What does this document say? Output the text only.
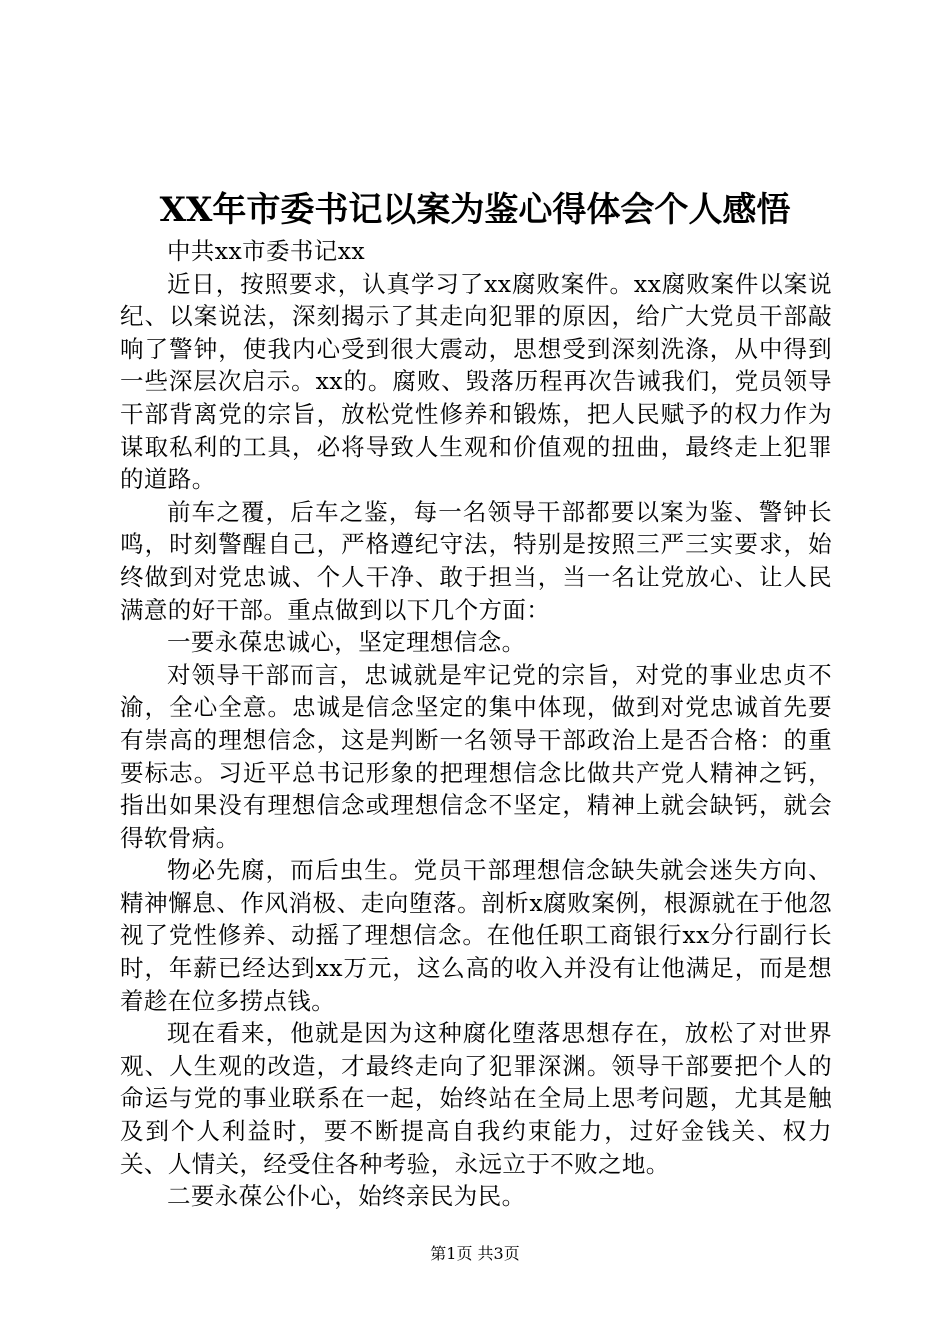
XX年市委书记以案为鉴心得体会个人感悟

中共xx市委书记xx

近日，按照要求，认真学习了xx腐败案件。xx腐败案件以案说纪、以案说法，深刻揭示了其走向犯罪的原因，给广大党员干部敲响了警钟，使我内心受到很大震动，思想受到深刻洗涤，从中得到一些深层次启示。xx的。腐败、毁落历程再次告诫我们，党员领导干部背离党的宗旨，放松党性修养和锻炼，把人民赋予的权力作为谋取私利的工具，必将导致人生观和价值观的扭曲，最终走上犯罪的道路。

前车之覆，后车之鉴，每一名领导干部都要以案为鉴、警钟长鸣，时刻警醒自己，严格遵纪守法，特别是按照三严三实要求，始终做到对党忠诚、个人干净、敢于担当，当一名让党放心、让人民满意的好干部。重点做到以下几个方面：

一要永葆忠诚心，坚定理想信念。

对领导干部而言，忠诚就是牢记党的宗旨，对党的事业忠贞不渝，全心全意。忠诚是信念坚定的集中体现，做到对党忠诚首先要有崇高的理想信念，这是判断一名领导干部政治上是否合格：的重要标志。习近平总书记形象的把理想信念比做共产党人精神之钙，指出如果没有理想信念或理想信念不坚定，精神上就会缺钙，就会得软骨病。

物必先腐，而后虫生。党员干部理想信念缺失就会迷失方向、精神懈息、作风消极、走向堕落。剖析x腐败案例，根源就在于他忽视了党性修养、动摇了理想信念。在他任职工商银行xx分行副行长时，年薪已经达到xx万元，这么高的收入并没有让他满足，而是想着趁在位多捞点钱。

现在看来，他就是因为这种腐化堕落思想存在，放松了对世界观、人生观的改造，才最终走向了犯罪深渊。领导干部要把个人的命运与党的事业联系在一起，始终站在全局上思考问题，尤其是触及到个人利益时，要不断提高自我约束能力，过好金钱关、权力关、人情关，经受住各种考验，永远立于不败之地。

二要永葆公仆心，始终亲民为民。

第1页 共3页
